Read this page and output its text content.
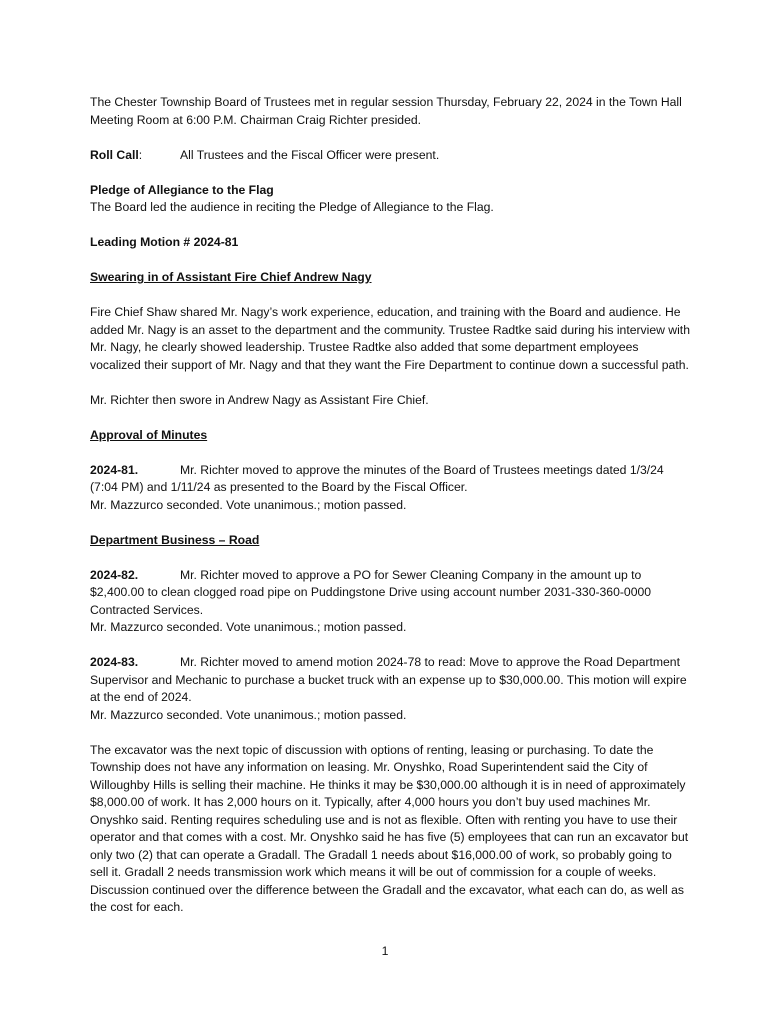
The Chester Township Board of Trustees met in regular session Thursday, February 22, 2024 in the Town Hall Meeting Room at 6:00 P.M. Chairman Craig Richter presided.

Roll Call:	All Trustees and the Fiscal Officer were present.

Pledge of Allegiance to the Flag
The Board led the audience in reciting the Pledge of Allegiance to the Flag.

Leading Motion # 2024-81

Swearing in of Assistant Fire Chief Andrew Nagy

Fire Chief Shaw shared Mr. Nagy’s work experience, education, and training with the Board and audience. He added Mr. Nagy is an asset to the department and the community. Trustee Radtke said during his interview with Mr. Nagy, he clearly showed leadership. Trustee Radtke also added that some department employees vocalized their support of Mr. Nagy and that they want the Fire Department to continue down a successful path.

Mr. Richter then swore in Andrew Nagy as Assistant Fire Chief.

Approval of Minutes

2024-81.	Mr. Richter moved to approve the minutes of the Board of Trustees meetings dated 1/3/24 (7:04 PM) and 1/11/24 as presented to the Board by the Fiscal Officer.
Mr. Mazzurco seconded. Vote unanimous.; motion passed.

Department Business – Road

2024-82.	Mr. Richter moved to approve a PO for Sewer Cleaning Company in the amount up to $2,400.00 to clean clogged road pipe on Puddingstone Drive using account number 2031-330-360-0000 Contracted Services.
Mr. Mazzurco seconded. Vote unanimous.; motion passed.

2024-83.	Mr. Richter moved to amend motion 2024-78 to read: Move to approve the Road Department Supervisor and Mechanic to purchase a bucket truck with an expense up to $30,000.00. This motion will expire at the end of 2024.
Mr. Mazzurco seconded. Vote unanimous.; motion passed.

The excavator was the next topic of discussion with options of renting, leasing or purchasing. To date the Township does not have any information on leasing. Mr. Onyshko, Road Superintendent said the City of Willoughby Hills is selling their machine. He thinks it may be $30,000.00 although it is in need of approximately $8,000.00 of work. It has 2,000 hours on it. Typically, after 4,000 hours you don’t buy used machines Mr. Onyshko said. Renting requires scheduling use and is not as flexible. Often with renting you have to use their operator and that comes with a cost. Mr. Onyshko said he has five (5) employees that can run an excavator but only two (2) that can operate a Gradall. The Gradall 1 needs about $16,000.00 of work, so probably going to sell it. Gradall 2 needs transmission work which means it will be out of commission for a couple of weeks. Discussion continued over the difference between the Gradall and the excavator, what each can do, as well as the cost for each.

1
